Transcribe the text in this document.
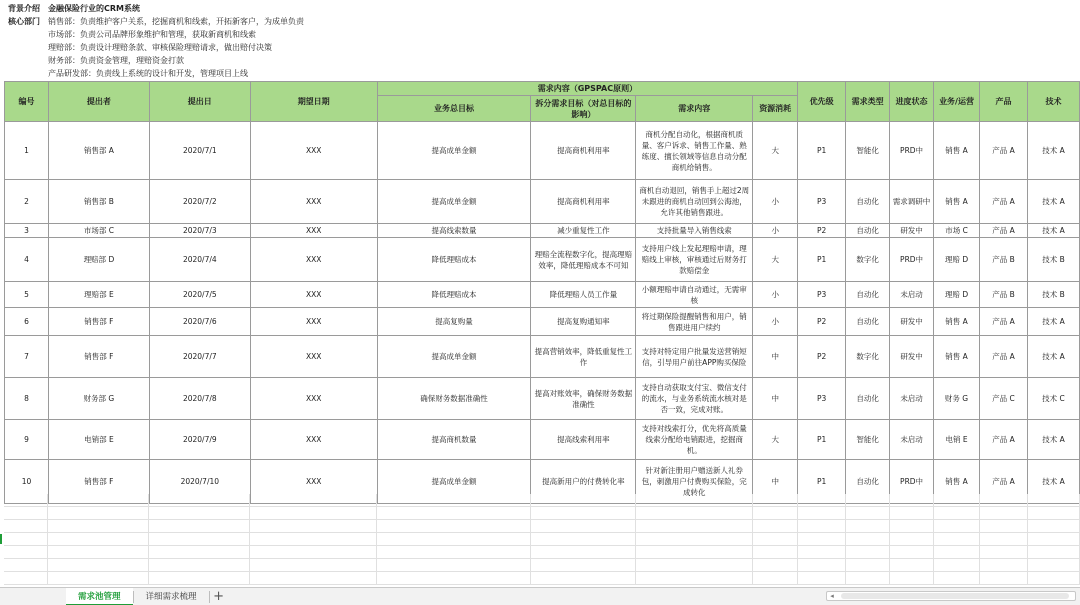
背景介绍	金融保险行业的CRM系统
核心部门	销售部：负责维护客户关系，挖掘商机和线索，开拓新客户，为成单负责
市场部：负责公司品牌形象维护和管理，获取新商机和线索
理赔部：负责设计理赔条款、审核保险理赔请求，做出赔付决策
财务部：负责资金管理，理赔资金打款
产品研发部：负责线上系统的设计和开发，管理项目上线
编号	提出者	提出日	期望日期	需求内容（GPSPAC原则）				优先级	需求类型	进度状态	业务/运营	产品	技术
				业务总目标	拆分需求目标（对总目标的影响）	需求内容	资源消耗						
1	销售部 A	2020/7/1	XXX	提高成单金额	提高商机利用率	商机分配自动化，根据商机质量、客户诉求、销售工作量、熟练度、擅长领域等信息自动分配商机给销售。	大	P1	智能化	PRD中	销售 A	产品 A	技术 A
2	销售部 B	2020/7/2	XXX	提高成单金额	提高商机利用率	商机自动退回，销售手上超过2周未跟进的商机自动回到公海池，允许其他销售跟进。	小	P3	自动化	需求调研中	销售 A	产品 A	技术 A
3	市场部 C	2020/7/3	XXX	提高线索数量	减少重复性工作	支持批量导入销售线索	小	P2	自动化	研发中	市场 C	产品 A	技术 A
4	理赔部 D	2020/7/4	XXX	降低理赔成本	理赔全流程数字化，提高理赔效率，降低理赔成本不可知	支持用户线上发起理赔申请，理赔线上审核，审核通过后财务打款赔偿金	大	P1	数字化	PRD中	理赔 D	产品 B	技术 B
5	理赔部 E	2020/7/5	XXX	降低理赔成本	降低理赔人员工作量	小额理赔申请自动通过，无需审核	小	P3	自动化	未启动	理赔 D	产品 B	技术 B
6	销售部 F	2020/7/6	XXX	提高复购量	提高复购通知率	将过期保险提醒销售和用户，销售跟进用户续约	小	P2	自动化	研发中	销售 A	产品 A	技术 A
7	销售部 F	2020/7/7	XXX	提高成单金额	提高营销效率，降低重复性工作	支持对特定用户批量发送营销短信，引导用户前往APP购买保险	中	P2	数字化	研发中	销售 A	产品 A	技术 A
8	财务部 G	2020/7/8	XXX	确保财务数据准确性	提高对账效率，确保财务数据准确性	支持自动获取支付宝、微信支付的流水，与业务系统流水核对是否一致，完成对账。	中	P3	自动化	未启动	财务 G	产品 C	技术 C
9	电销部 E	2020/7/9	XXX	提高商机数量	提高线索利用率	支持对线索打分，优先将高质量线索分配给电销跟进，挖掘商机。	大	P1	智能化	未启动	电销 E	产品 A	技术 A
10	销售部 F	2020/7/10	XXX	提高成单金额	提高新用户的付费转化率	针对新注册用户赠送新人礼券包，刺激用户付费购买保险，完成转化	中	P1	自动化	PRD中	销售 A	产品 A	技术 A
需求池管理	详细需求梳理	+	◂
